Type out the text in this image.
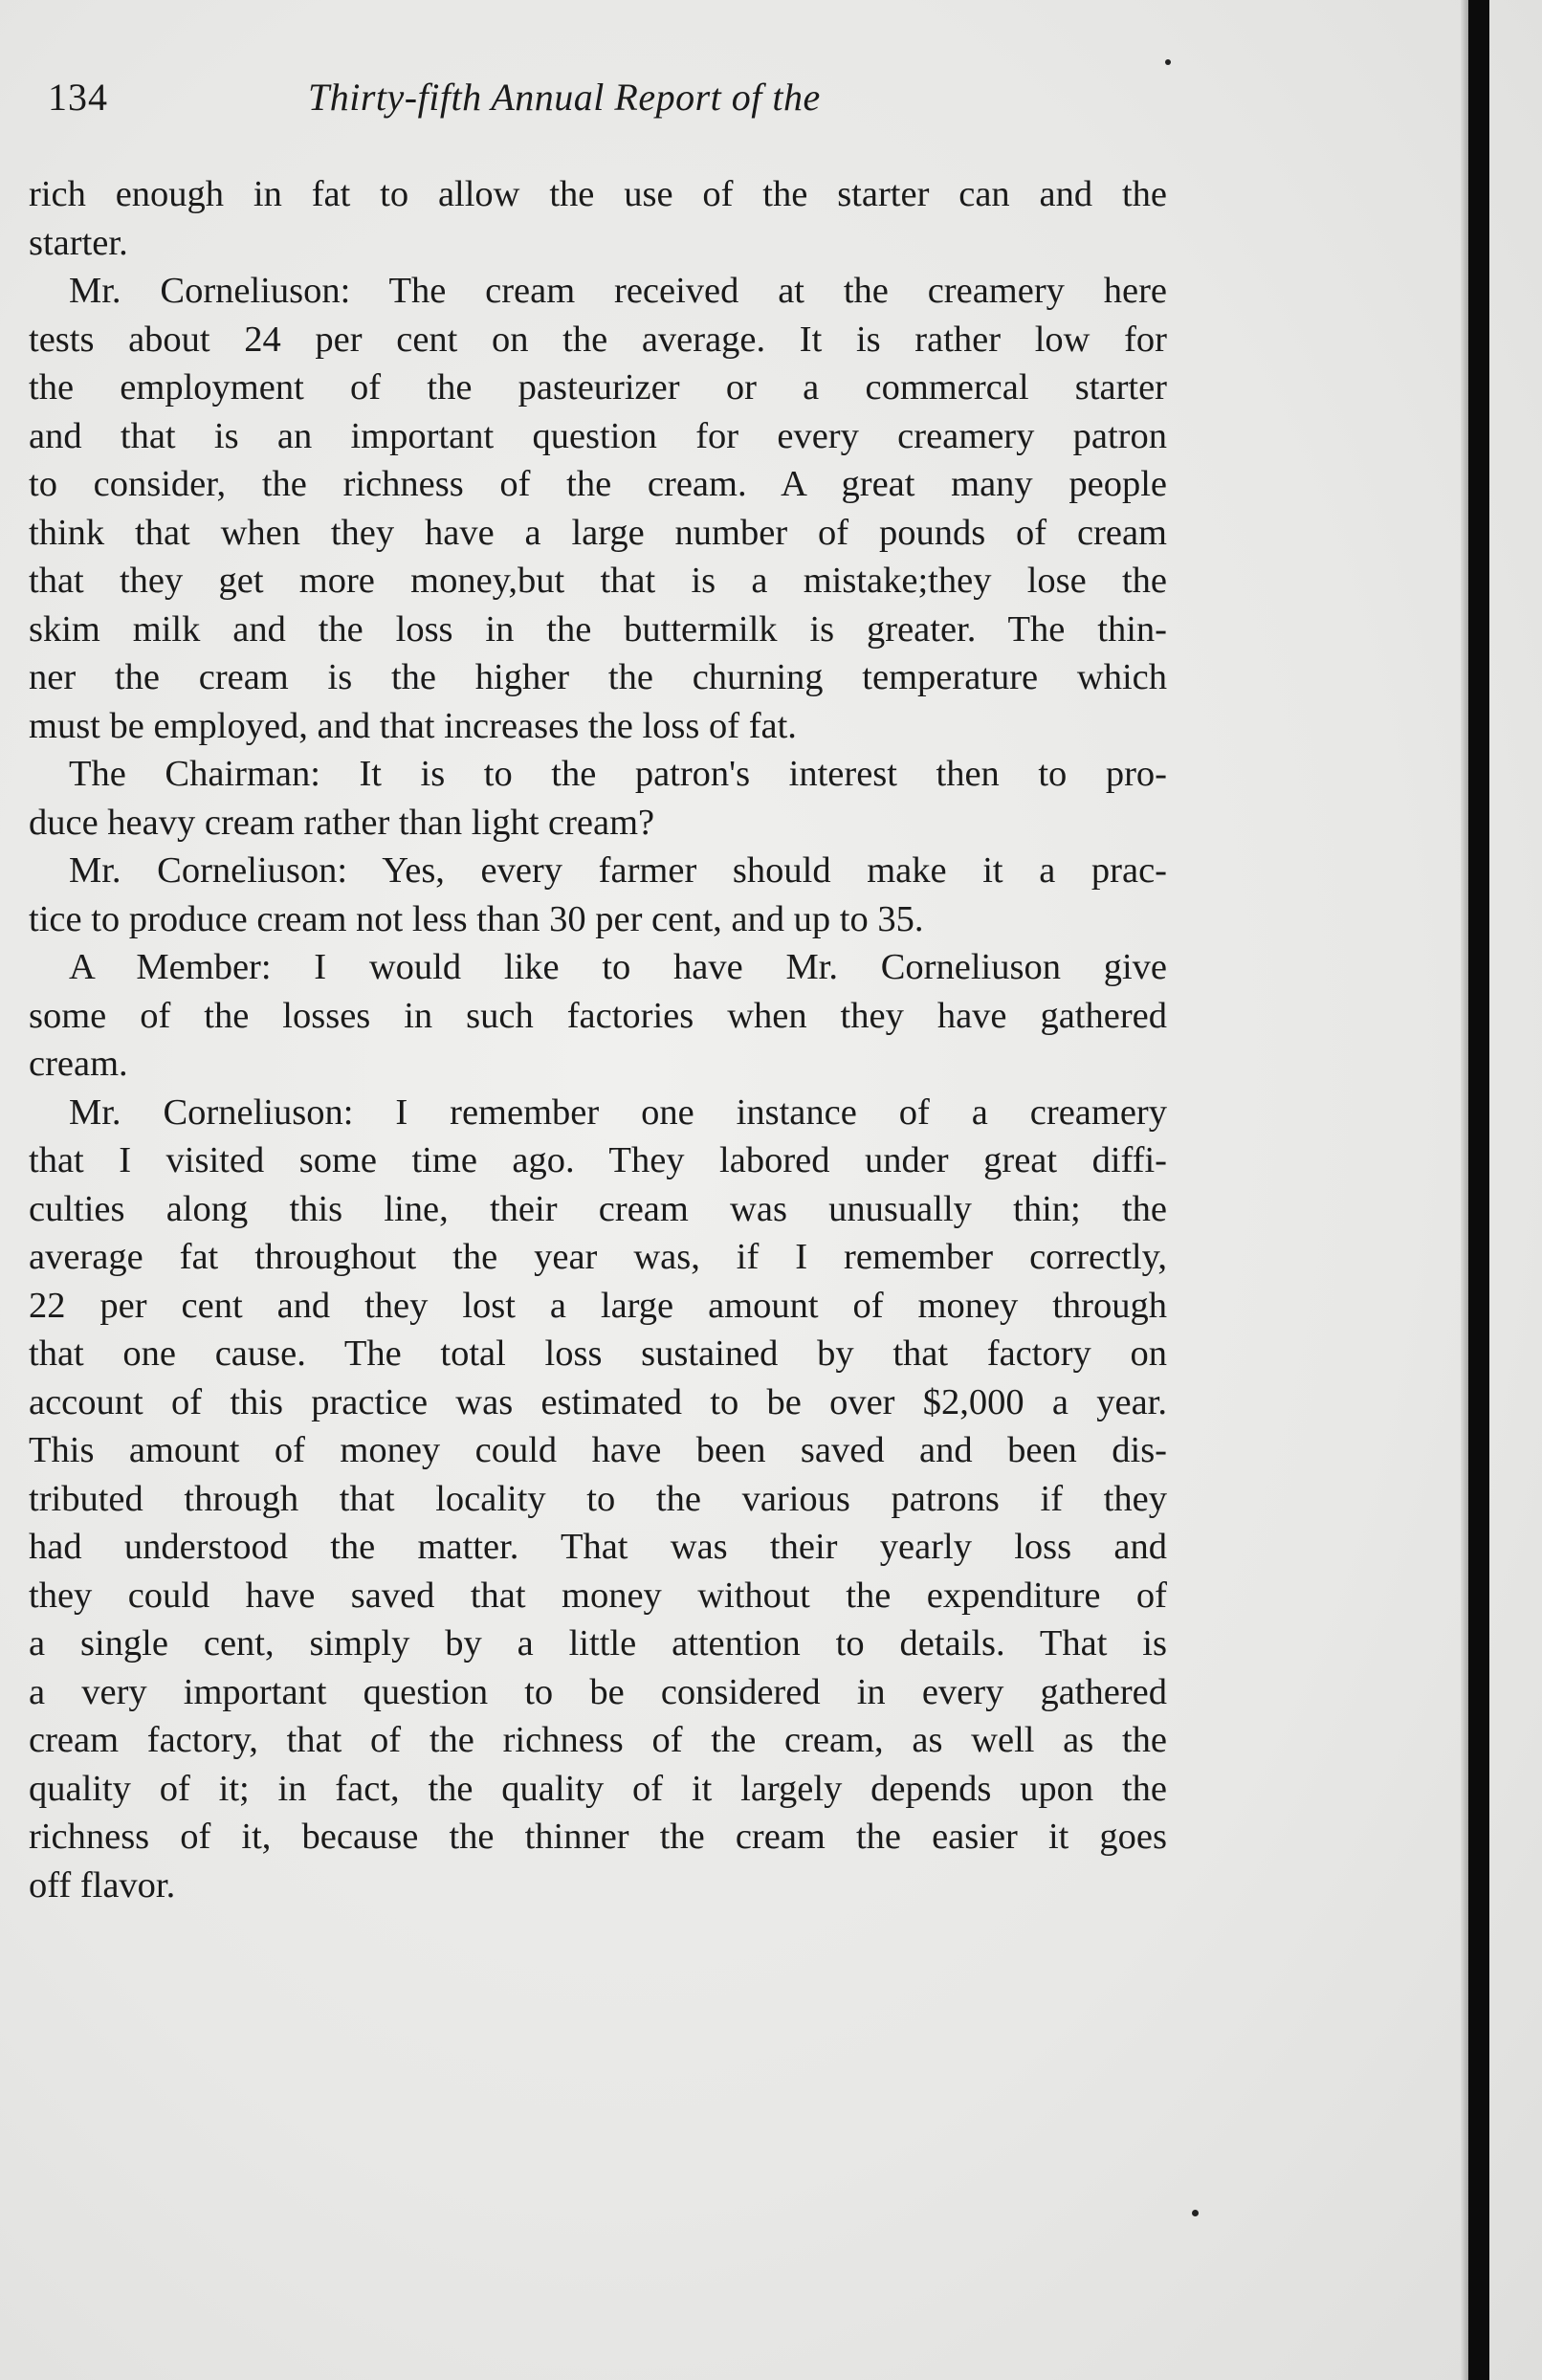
134	Thirty-fifth Annual Report of the

rich enough in fat to allow the use of the starter can and the
starter.

Mr. Corneliuson: The cream received at the creamery here
tests about 24 per cent on the average. It is rather low for
the employment of the pasteurizer or a commercal starter
and that is an important question for every creamery patron
to consider, the richness of the cream. A great many people
think that when they have a large number of pounds of cream
that they get more money,but that is a mistake;they lose the
skim milk and the loss in the buttermilk is greater. The thin-
ner the cream is the higher the churning temperature which
must be employed, and that increases the loss of fat.

The Chairman: It is to the patron's interest then to pro-
duce heavy cream rather than light cream?

Mr. Corneliuson: Yes, every farmer should make it a prac-
tice to produce cream not less than 30 per cent, and up to 35.

A Member: I would like to have Mr. Corneliuson give
some of the losses in such factories when they have gathered
cream.

Mr. Corneliuson: I remember one instance of a creamery
that I visited some time ago. They labored under great diffi-
culties along this line, their cream was unusually thin; the
average fat throughout the year was, if I remember correctly,
22 per cent and they lost a large amount of money through
that one cause. The total loss sustained by that factory on
account of this practice was estimated to be over $2,000 a year.
This amount of money could have been saved and been dis-
tributed through that locality to the various patrons if they
had understood the matter. That was their yearly loss and
they could have saved that money without the expenditure of
a single cent, simply by a little attention to details. That is
a very important question to be considered in every gathered
cream factory, that of the richness of the cream, as well as the
quality of it; in fact, the quality of it largely depends upon the
richness of it, because the thinner the cream the easier it goes
off flavor.
